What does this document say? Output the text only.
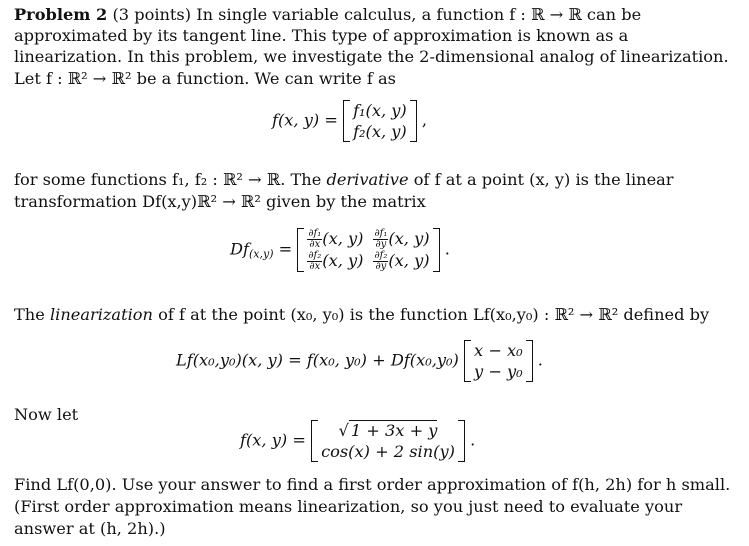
Problem 2 (3 points) In single variable calculus, a function f : ℝ → ℝ can be
approximated by its tangent line. This type of approximation is known as a
linearization. In this problem, we investigate the 2-dimensional analog of linearization.
Let f : ℝ² → ℝ² be a function. We can write f as
f(x, y) = f₁(x, y)
f₂(x, y)
,
for some functions f₁, f₂ : ℝ² → ℝ. The derivative of f at a point (x, y) is the linear
transformation Df(x,y)ℝ² → ℝ² given by the matrix
$Df_{(x,y)} = \frac{\text{∂f₁}}{\partial x} (x$, $y) \frac{\text{∂f₁}}{\partial y} (x$, y)
$\frac{\text{∂f₂}}{\partial x} (x$, $y) \frac{\text{∂f₂}}{\partial y} (x$, y)
.
The linearization of f at the point (x₀, y₀) is the function Lf(x₀,y₀) : ℝ² → ℝ² defined by
Lf(x₀,y₀)(x, y) = f(x₀, y₀) + Df(x₀,y₀) x − x₀
y − y₀
.
Now let
f(x, y) = √ 1 + 3x + y
cos(x) + 2 sin(y)
.
Find Lf(0,0). Use your answer to find a first order approximation of f(h, 2h) for h small.
(First order approximation means linearization, so you just need to evaluate your
answer at (h, 2h).)
